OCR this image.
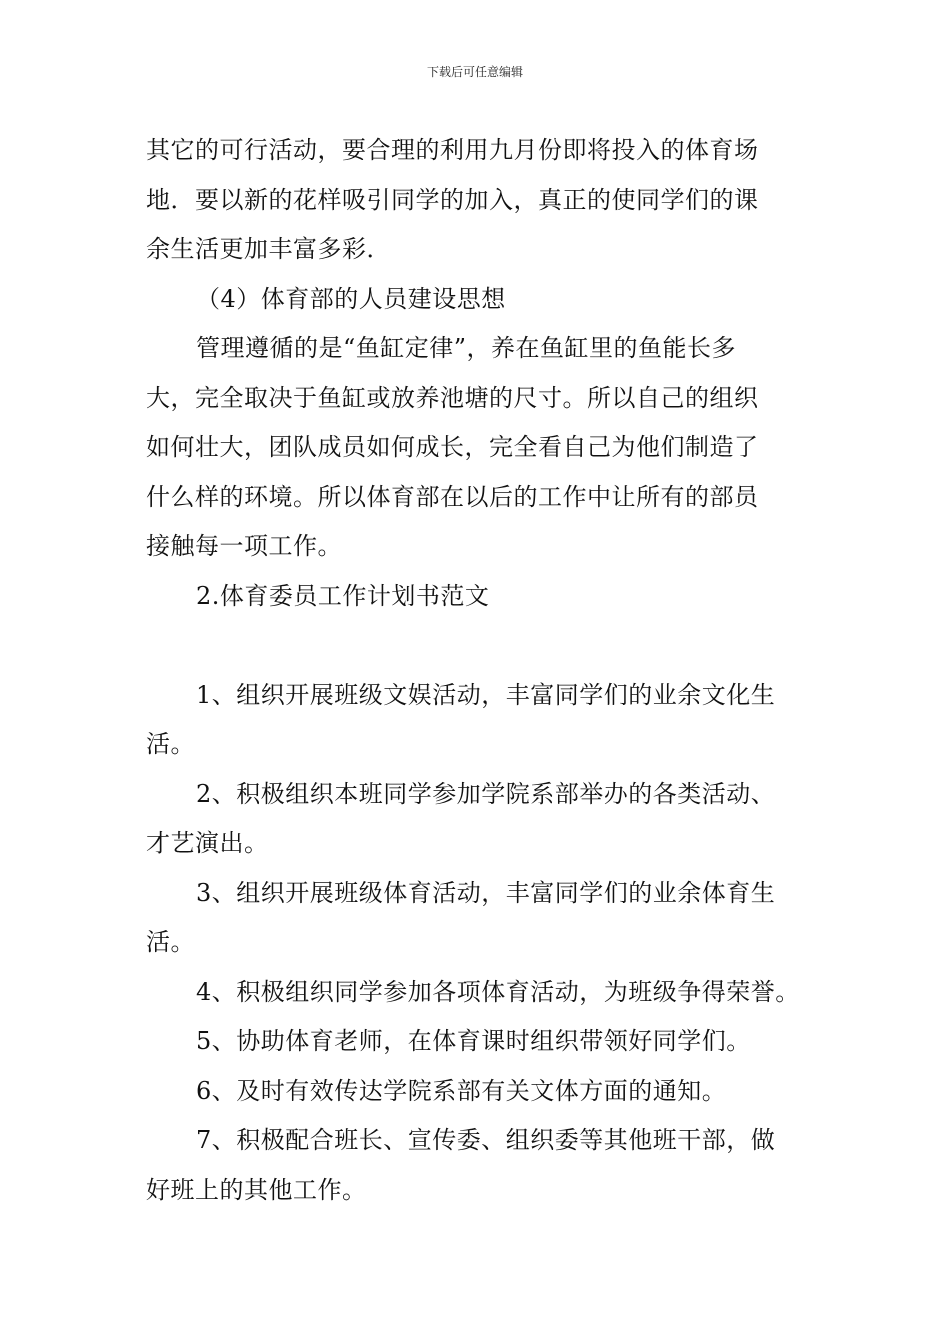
下载后可任意编辑
其它的可行活动，要合理的利用九月份即将投入的体育场
地．要以新的花样吸引同学的加入，真正的使同学们的课
余生活更加丰富多彩．
（4）体育部的人员建设思想
管理遵循的是“鱼缸定律”，养在鱼缸里的鱼能长多
大，完全取决于鱼缸或放养池塘的尺寸。所以自己的组织
如何壮大，团队成员如何成长，完全看自己为他们制造了
什么样的环境。所以体育部在以后的工作中让所有的部员
接触每一项工作。
2.体育委员工作计划书范文
1、组织开展班级文娱活动，丰富同学们的业余文化生
活。
2、积极组织本班同学参加学院系部举办的各类活动、
才艺演出。
3、组织开展班级体育活动，丰富同学们的业余体育生
活。
4、积极组织同学参加各项体育活动，为班级争得荣誉。
5、协助体育老师，在体育课时组织带领好同学们。
6、及时有效传达学院系部有关文体方面的通知。
7、积极配合班长、宣传委、组织委等其他班干部，做
好班上的其他工作。
